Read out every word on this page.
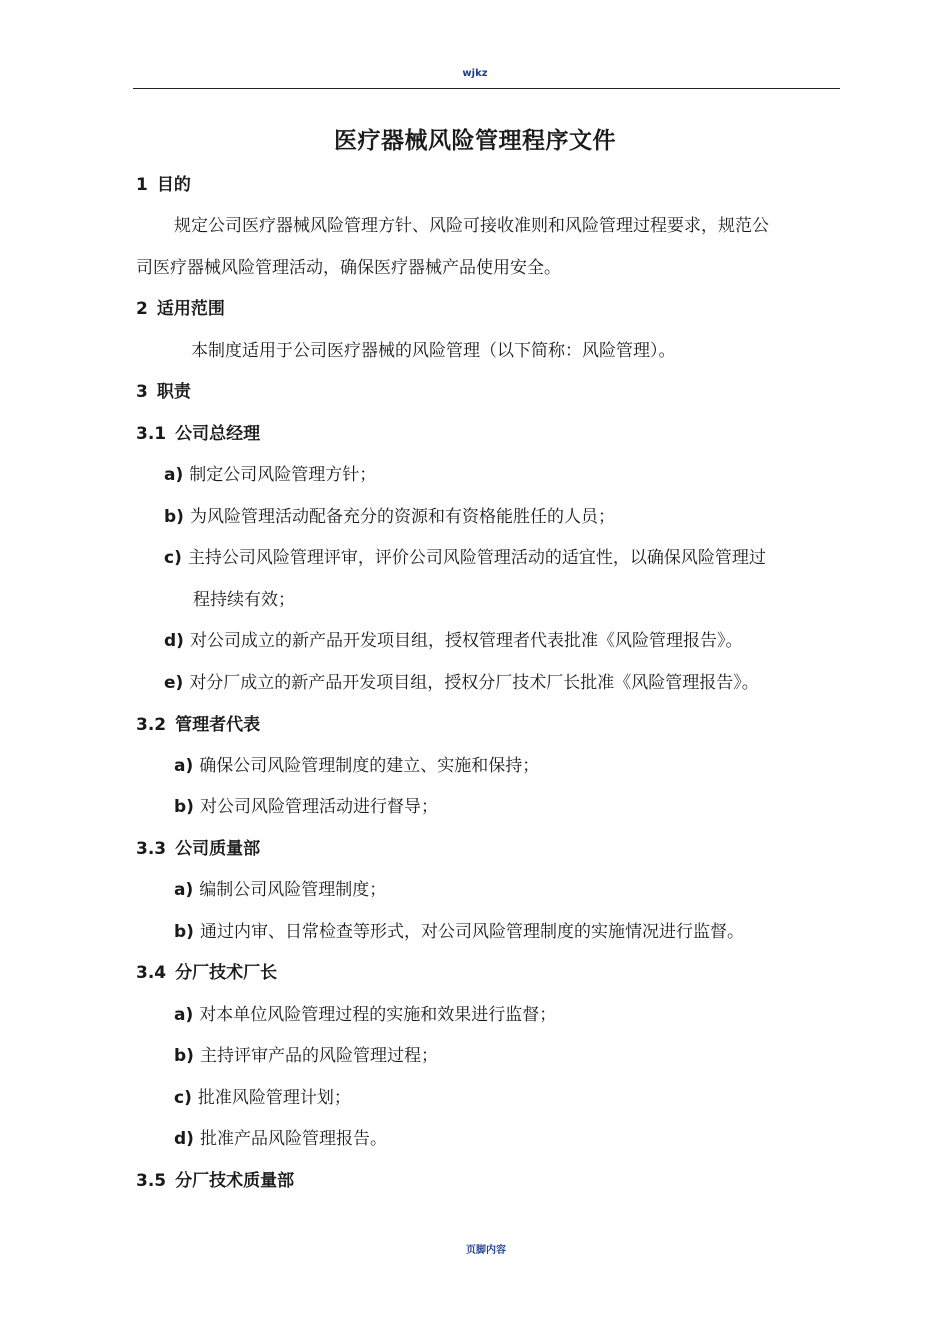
wjkz
医疗器械风险管理程序文件
1 目的
规定公司医疗器械风险管理方针、风险可接收准则和风险管理过程要求，规范公
司医疗器械风险管理活动，确保医疗器械产品使用安全。
2 适用范围
本制度适用于公司医疗器械的风险管理（以下简称：风险管理）。
3 职责
3.1 公司总经理
a) 制定公司风险管理方针；
b) 为风险管理活动配备充分的资源和有资格能胜任的人员；
c) 主持公司风险管理评审，评价公司风险管理活动的适宜性，以确保风险管理过
程持续有效；
d) 对公司成立的新产品开发项目组，授权管理者代表批准《风险管理报告》。
e) 对分厂成立的新产品开发项目组，授权分厂技术厂长批准《风险管理报告》。
3.2 管理者代表
a) 确保公司风险管理制度的建立、实施和保持；
b) 对公司风险管理活动进行督导；
3.3 公司质量部
a) 编制公司风险管理制度；
b) 通过内审、日常检查等形式，对公司风险管理制度的实施情况进行监督。
3.4 分厂技术厂长
a) 对本单位风险管理过程的实施和效果进行监督；
b) 主持评审产品的风险管理过程；
c) 批准风险管理计划；
d) 批准产品风险管理报告。
3.5 分厂技术质量部
页脚内容
